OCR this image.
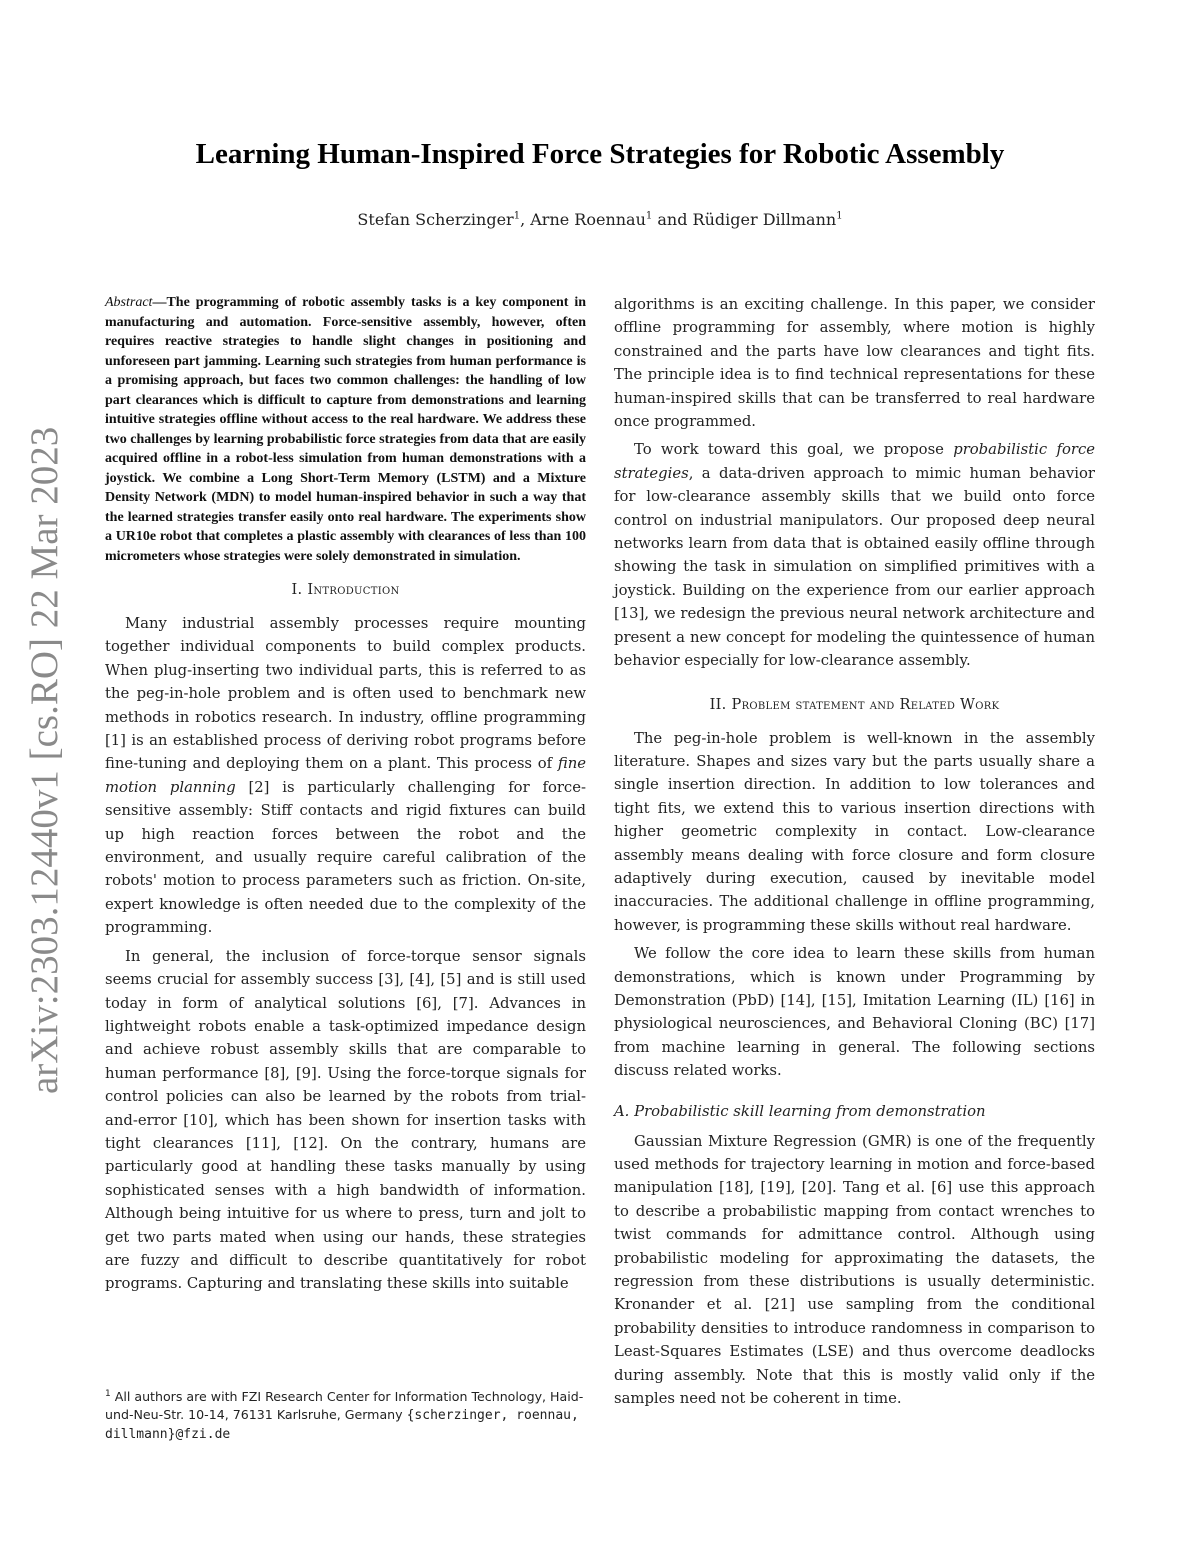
Learning Human-Inspired Force Strategies for Robotic Assembly
Stefan Scherzinger$^1$, Arne Roennau$^1$ and Rüdiger Dillmann$^1$
arXiv:2303.12440v1 [cs.RO] 22 Mar 2023

Abstract—The programming of robotic assembly tasks is a key component in manufacturing and automation. Force-sensitive assembly, however, often requires reactive strategies to handle slight changes in positioning and unforeseen part jamming. Learning such strategies from human performance is a promising approach, but faces two common challenges: the handling of low part clearances which is difficult to capture from demonstrations and learning intuitive strategies offline without access to the real hardware. We address these two challenges by learning probabilistic force strategies from data that are easily acquired offline in a robot-less simulation from human demonstrations with a joystick. We combine a Long Short-Term Memory (LSTM) and a Mixture Density Network (MDN) to model human-inspired behavior in such a way that the learned strategies transfer easily onto real hardware. The experiments show a UR10e robot that completes a plastic assembly with clearances of less than 100 micrometers whose strategies were solely demonstrated in simulation.

I. Introduction

Many industrial assembly processes require mounting together individual components to build complex products. When plug-inserting two individual parts, this is referred to as the peg-in-hole problem and is often used to benchmark new methods in robotics research. In industry, offline programming [1] is an established process of deriving robot programs before fine-tuning and deploying them on a plant. This process of fine motion planning [2] is particularly challenging for force-sensitive assembly: Stiff contacts and rigid fixtures can build up high reaction forces between the robot and the environment, and usually require careful calibration of the robots' motion to process parameters such as friction. On-site, expert knowledge is often needed due to the complexity of the programming.

In general, the inclusion of force-torque sensor signals seems crucial for assembly success [3], [4], [5] and is still used today in form of analytical solutions [6], [7]. Advances in lightweight robots enable a task-optimized impedance design and achieve robust assembly skills that are comparable to human performance [8], [9]. Using the force-torque signals for control policies can also be learned by the robots from trial-and-error [10], which has been shown for insertion tasks with tight clearances [11], [12]. On the contrary, humans are particularly good at handling these tasks manually by using sophisticated senses with a high bandwidth of information. Although being intuitive for us where to press, turn and jolt to get two parts mated when using our hands, these strategies are fuzzy and difficult to describe quantitatively for robot programs. Capturing and translating these skills into suitable

algorithms is an exciting challenge. In this paper, we consider offline programming for assembly, where motion is highly constrained and the parts have low clearances and tight fits. The principle idea is to find technical representations for these human-inspired skills that can be transferred to real hardware once programmed.

To work toward this goal, we propose probabilistic force strategies, a data-driven approach to mimic human behavior for low-clearance assembly skills that we build onto force control on industrial manipulators. Our proposed deep neural networks learn from data that is obtained easily offline through showing the task in simulation on simplified primitives with a joystick. Building on the experience from our earlier approach [13], we redesign the previous neural network architecture and present a new concept for modeling the quintessence of human behavior especially for low-clearance assembly.

II. Problem statement and Related Work

The peg-in-hole problem is well-known in the assembly literature. Shapes and sizes vary but the parts usually share a single insertion direction. In addition to low tolerances and tight fits, we extend this to various insertion directions with higher geometric complexity in contact. Low-clearance assembly means dealing with force closure and form closure adaptively during execution, caused by inevitable model inaccuracies. The additional challenge in offline programming, however, is programming these skills without real hardware.

We follow the core idea to learn these skills from human demonstrations, which is known under Programming by Demonstration (PbD) [14], [15], Imitation Learning (IL) [16] in physiological neurosciences, and Behavioral Cloning (BC) [17] from machine learning in general. The following sections discuss related works.

A. Probabilistic skill learning from demonstration

Gaussian Mixture Regression (GMR) is one of the frequently used methods for trajectory learning in motion and force-based manipulation [18], [19], [20]. Tang et al. [6] use this approach to describe a probabilistic mapping from contact wrenches to twist commands for admittance control. Although using probabilistic modeling for approximating the datasets, the regression from these distributions is usually deterministic. Kronander et al. [21] use sampling from the conditional probability densities to introduce randomness in comparison to Least-Squares Estimates (LSE) and thus overcome deadlocks during assembly. Note that this is mostly valid only if the samples need not be coherent in time.

$^1$ All authors are with FZI Research Center for Information Technology, Haid-und-Neu-Str. 10-14, 76131 Karlsruhe, Germany {scherzinger, roennau, dillmann}@fzi.de
